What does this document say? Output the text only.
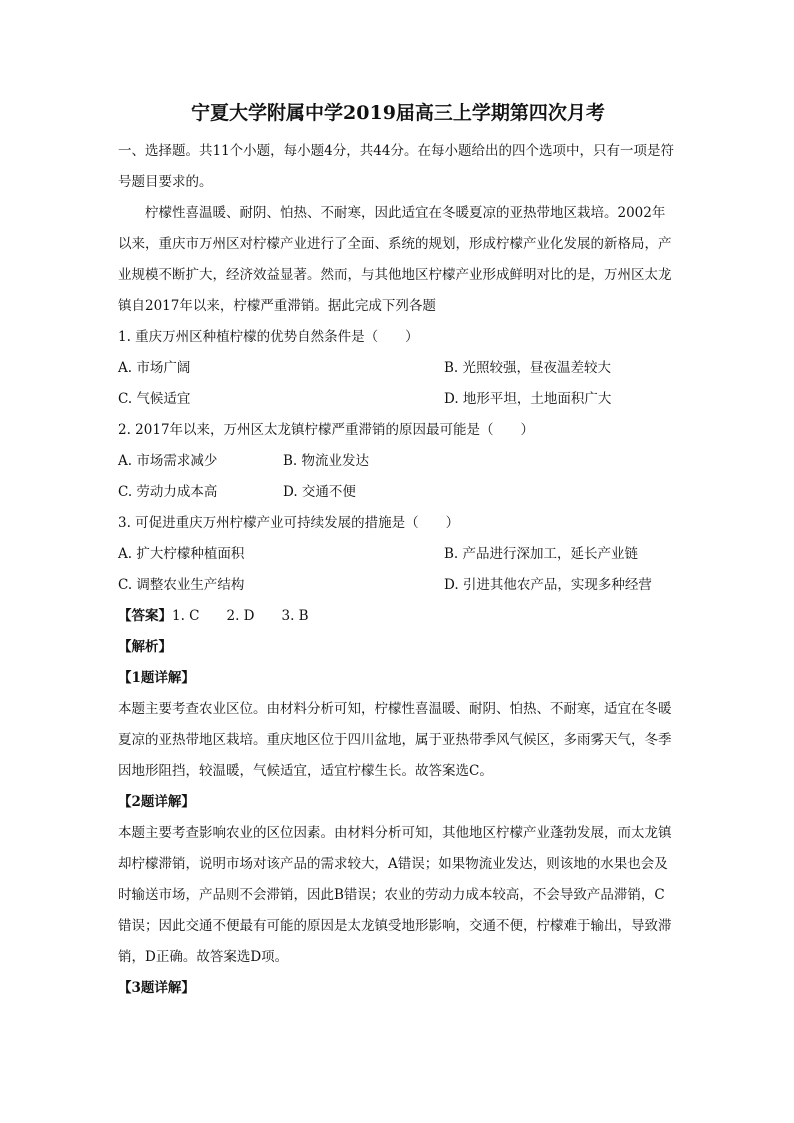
宁夏大学附属中学2019届高三上学期第四次月考

一、选择题。共11个小题，每小题4分，共44分。在每小题给出的四个选项中，只有一项是符号题目要求的。

柠檬性喜温暖、耐阴、怕热、不耐寒，因此适宜在冬暖夏凉的亚热带地区栽培。2002年以来，重庆市万州区对柠檬产业进行了全面、系统的规划，形成柠檬产业化发展的新格局，产业规模不断扩大，经济效益显著。然而，与其他地区柠檬产业形成鲜明对比的是，万州区太龙镇自2017年以来，柠檬严重滞销。据此完成下列各题

1. 重庆万州区种植柠檬的优势自然条件是（　　）

A. 市场广阔	B. 光照较强，昼夜温差较大
C. 气候适宜	D. 地形平坦，土地面积广大

2. 2017年以来，万州区太龙镇柠檬严重滞销的原因最可能是（　　）

A. 市场需求减少	B. 物流业发达
C. 劳动力成本高	D. 交通不便

3. 可促进重庆万州柠檬产业可持续发展的措施是（　　）

A. 扩大柠檬种植面积	B. 产品进行深加工，延长产业链
C. 调整农业生产结构	D. 引进其他农产品，实现多种经营

【答案】1. C　　2. D　　3. B

【解析】

【1题详解】

本题主要考查农业区位。由材料分析可知，柠檬性喜温暖、耐阴、怕热、不耐寒，适宜在冬暖夏凉的亚热带地区栽培。重庆地区位于四川盆地，属于亚热带季风气候区，多雨雾天气，冬季因地形阻挡，较温暖，气候适宜，适宜柠檬生长。故答案选C。

【2题详解】

本题主要考查影响农业的区位因素。由材料分析可知，其他地区柠檬产业蓬勃发展，而太龙镇却柠檬滞销，说明市场对该产品的需求较大，A错误；如果物流业发达，则该地的水果也会及时输送市场，产品则不会滞销，因此B错误；农业的劳动力成本较高，不会导致产品滞销，C错误；因此交通不便最有可能的原因是太龙镇受地形影响，交通不便，柠檬难于输出，导致滞销，D正确。故答案选D项。

【3题详解】
